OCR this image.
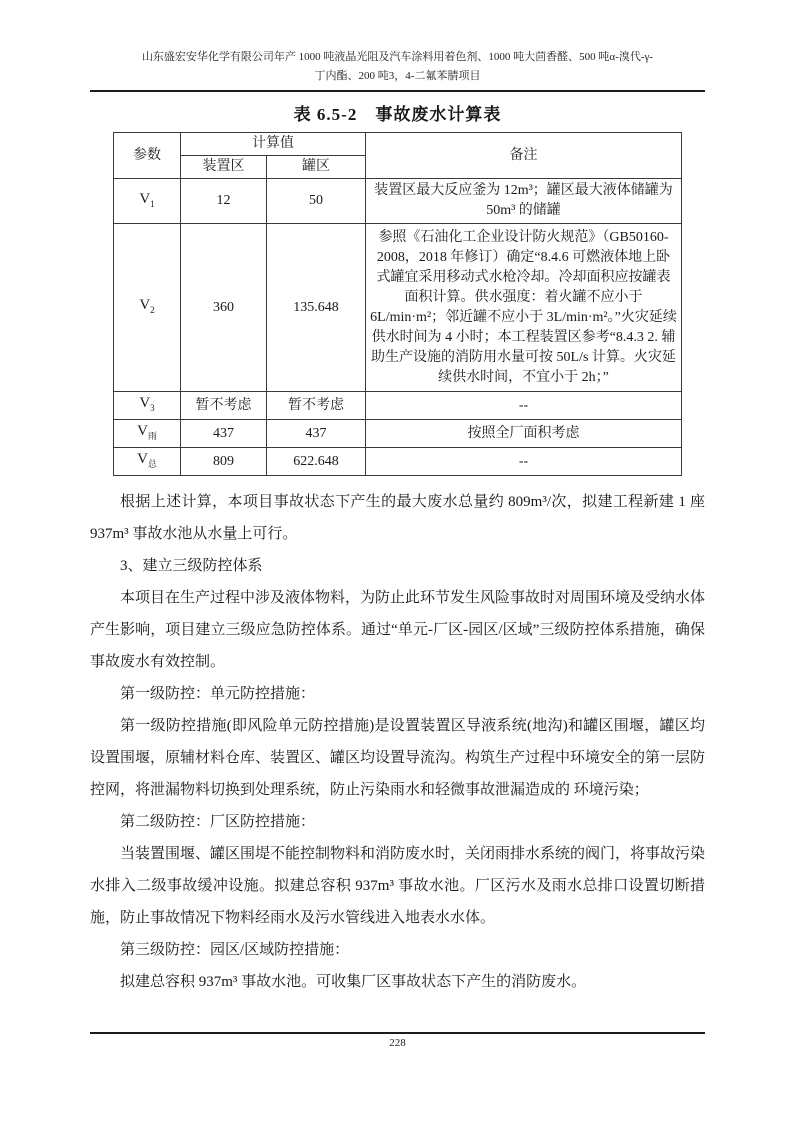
山东盛宏安华化学有限公司年产 1000 吨液晶光阻及汽车涂料用着色剂、1000 吨大茴香醛、500 吨α-溴代-γ-
丁内酯、200 吨3，4-二氟苯腈项目
表 6.5-2　事故废水计算表
参数	计算值		备注
	装置区	罐区	
$V_1$	12	50	装置区最大反应釜为 12m³；罐区最大液体储罐为 50m³ 的储罐
$V_2$	360	135.648	参照《石油化工企业设计防火规范》（GB50160-2008，2018 年修订）确定“8.4.6 可燃液体地上卧式罐宜采用移动式水枪冷却。冷却面积应按罐表面积计算。供水强度：着火罐不应小于 6L/min·m²；邻近罐不应小于 3L/min·m²。”火灾延续供水时间为 4 小时；本工程装置区参考“8.4.3 2. 辅助生产设施的消防用水量可按 50L/s 计算。火灾延续供水时间，不宜小于 2h；”
$V_3$	暂不考虑	暂不考虑	--
$V_雨$	437	437	按照全厂面积考虑
$V_总$	809	622.648	--

根据上述计算，本项目事故状态下产生的最大废水总量约 809m³/次，拟建工程新建 1 座 937m³ 事故水池从水量上可行。

3、建立三级防控体系

本项目在生产过程中涉及液体物料，为防止此环节发生风险事故时对周围环境及受纳水体产生影响，项目建立三级应急防控体系。通过“单元-厂区-园区/区域”三级防控体系措施，确保事故废水有效控制。

第一级防控：单元防控措施：

第一级防控措施(即风险单元防控措施)是设置装置区导液系统(地沟)和罐区围堰，罐区均设置围堰，原辅材料仓库、装置区、罐区均设置导流沟。构筑生产过程中环境安全的第一层防控网，将泄漏物料切换到处理系统，防止污染雨水和轻微事故泄漏造成的 环境污染；

第二级防控：厂区防控措施：

当装置围堰、罐区围堤不能控制物料和消防废水时，关闭雨排水系统的阀门，将事故污染水排入二级事故缓冲设施。拟建总容积 937m³ 事故水池。厂区污水及雨水总排口设置切断措施，防止事故情况下物料经雨水及污水管线进入地表水水体。

第三级防控：园区/区域防控措施：

拟建总容积 937m³ 事故水池。可收集厂区事故状态下产生的消防废水。

228
